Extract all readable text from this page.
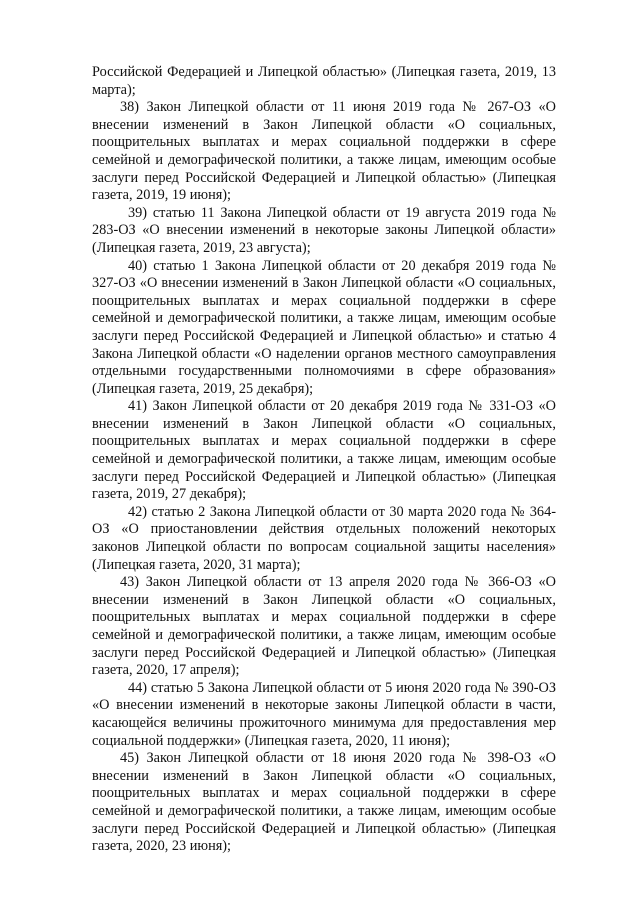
Российской Федерацией и Липецкой областью» (Липецкая газета, 2019, 13 марта);

38) Закон Липецкой области от 11 июня 2019 года № 267-ОЗ «О внесении изменений в Закон Липецкой области «О социальных, поощрительных выплатах и мерах социальной поддержки в сфере семейной и демографической политики, а также лицам, имеющим особые заслуги перед Российской Федерацией и Липецкой областью» (Липецкая газета, 2019, 19 июня);

39) статью 11 Закона Липецкой области от 19 августа 2019 года № 283-ОЗ «О внесении изменений в некоторые законы Липецкой области» (Липецкая газета, 2019, 23 августа);

40) статью 1 Закона Липецкой области от 20 декабря 2019 года № 327-ОЗ «О внесении изменений в Закон Липецкой области «О социальных, поощрительных выплатах и мерах социальной поддержки в сфере семейной и демографической политики, а также лицам, имеющим особые заслуги перед Российской Федерацией и Липецкой областью» и статью 4 Закона Липецкой области «О наделении органов местного самоуправления отдельными государственными полномочиями в сфере образования» (Липецкая газета, 2019, 25 декабря);

41) Закон Липецкой области от 20 декабря 2019 года № 331-ОЗ «О внесении изменений в Закон Липецкой области «О социальных, поощрительных выплатах и мерах социальной поддержки в сфере семейной и демографической политики, а также лицам, имеющим особые заслуги перед Российской Федерацией и Липецкой областью» (Липецкая газета, 2019, 27 декабря);

42) статью 2 Закона Липецкой области от 30 марта 2020 года № 364-ОЗ «О приостановлении действия отдельных положений некоторых законов Липецкой области по вопросам социальной защиты населения» (Липецкая газета, 2020, 31 марта);

43) Закон Липецкой области от 13 апреля 2020 года № 366-ОЗ «О внесении изменений в Закон Липецкой области «О социальных, поощрительных выплатах и мерах социальной поддержки в сфере семейной и демографической политики, а также лицам, имеющим особые заслуги перед Российской Федерацией и Липецкой областью» (Липецкая газета, 2020, 17 апреля);

44) статью 5 Закона Липецкой области от 5 июня 2020 года № 390-ОЗ «О внесении изменений в некоторые законы Липецкой области в части, касающейся величины прожиточного минимума для предоставления мер социальной поддержки» (Липецкая газета, 2020, 11 июня);

45) Закон Липецкой области от 18 июня 2020 года № 398-ОЗ «О внесении изменений в Закон Липецкой области «О социальных, поощрительных выплатах и мерах социальной поддержки в сфере семейной и демографической политики, а также лицам, имеющим особые заслуги перед Российской Федерацией и Липецкой областью» (Липецкая газета, 2020, 23 июня);
